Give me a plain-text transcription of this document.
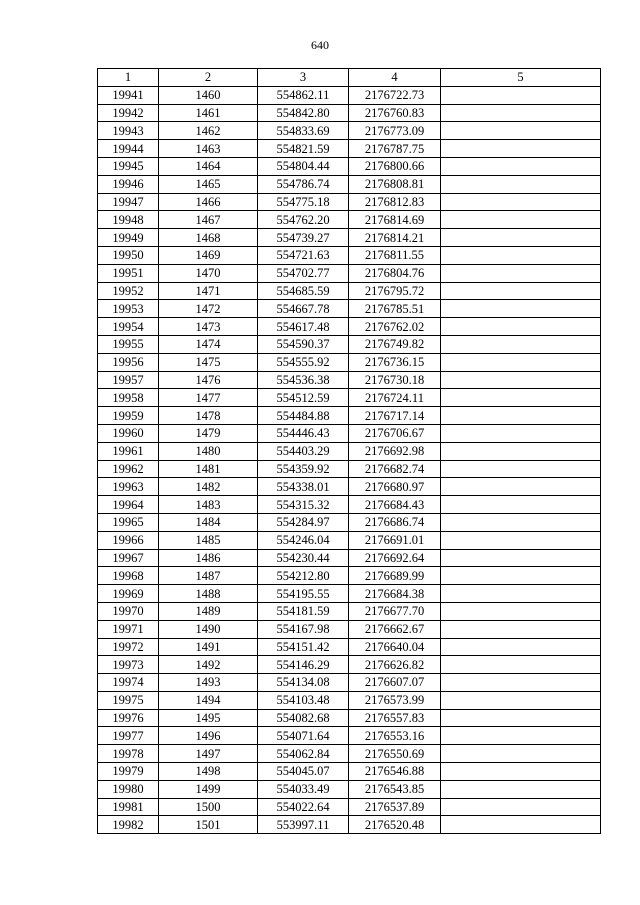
640
1	2	3	4	5
19941	1460	554862.11	2176722.73	
19942	1461	554842.80	2176760.83	
19943	1462	554833.69	2176773.09	
19944	1463	554821.59	2176787.75	
19945	1464	554804.44	2176800.66	
19946	1465	554786.74	2176808.81	
19947	1466	554775.18	2176812.83	
19948	1467	554762.20	2176814.69	
19949	1468	554739.27	2176814.21	
19950	1469	554721.63	2176811.55	
19951	1470	554702.77	2176804.76	
19952	1471	554685.59	2176795.72	
19953	1472	554667.78	2176785.51	
19954	1473	554617.48	2176762.02	
19955	1474	554590.37	2176749.82	
19956	1475	554555.92	2176736.15	
19957	1476	554536.38	2176730.18	
19958	1477	554512.59	2176724.11	
19959	1478	554484.88	2176717.14	
19960	1479	554446.43	2176706.67	
19961	1480	554403.29	2176692.98	
19962	1481	554359.92	2176682.74	
19963	1482	554338.01	2176680.97	
19964	1483	554315.32	2176684.43	
19965	1484	554284.97	2176686.74	
19966	1485	554246.04	2176691.01	
19967	1486	554230.44	2176692.64	
19968	1487	554212.80	2176689.99	
19969	1488	554195.55	2176684.38	
19970	1489	554181.59	2176677.70	
19971	1490	554167.98	2176662.67	
19972	1491	554151.42	2176640.04	
19973	1492	554146.29	2176626.82	
19974	1493	554134.08	2176607.07	
19975	1494	554103.48	2176573.99	
19976	1495	554082.68	2176557.83	
19977	1496	554071.64	2176553.16	
19978	1497	554062.84	2176550.69	
19979	1498	554045.07	2176546.88	
19980	1499	554033.49	2176543.85	
19981	1500	554022.64	2176537.89	
19982	1501	553997.11	2176520.48	
